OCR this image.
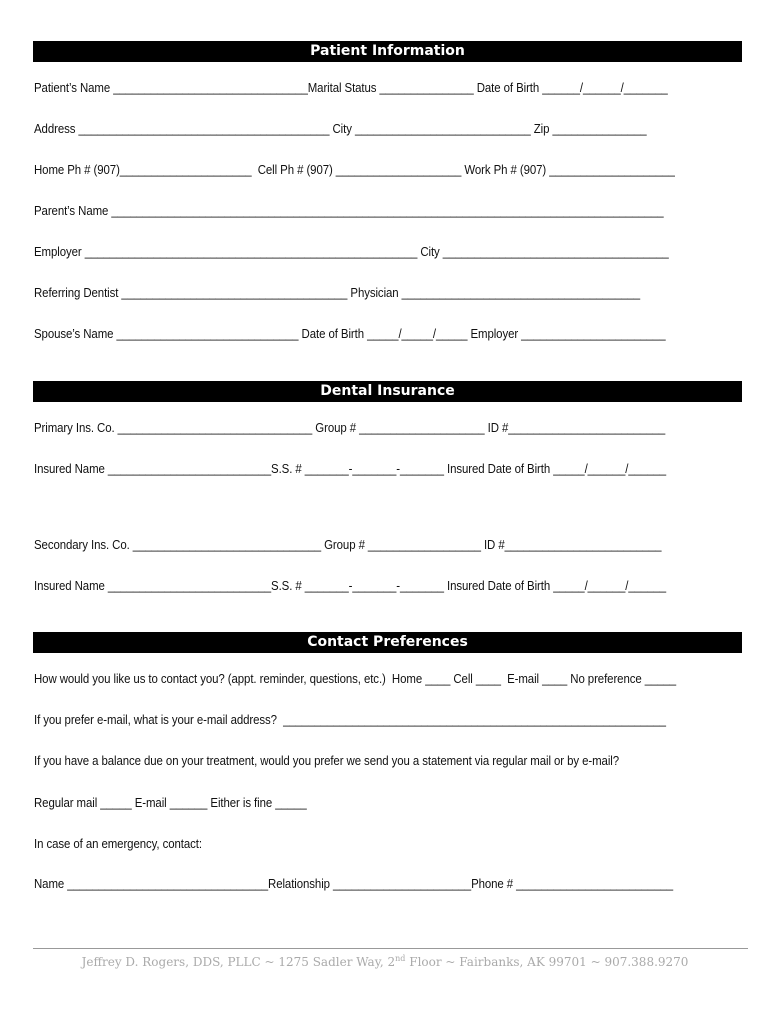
Patient Information
Patient’s Name _______________________________Marital Status _______________ Date of Birth ______/______/_______
Address ________________________________________ City ____________________________ Zip _______________
Home Ph # (907)_____________________  Cell Ph # (907) ____________________ Work Ph # (907) ____________________
Parent’s Name ________________________________________________________________________________________
Employer _____________________________________________________ City ____________________________________
Referring Dentist ____________________________________ Physician ______________________________________
Spouse’s Name _____________________________ Date of Birth _____/_____/_____ Employer _______________________
Dental Insurance
Primary Ins. Co. _______________________________ Group # ____________________ ID #_________________________
Insured Name __________________________S.S. # _______-_______-_______ Insured Date of Birth _____/______/______
Secondary Ins. Co. ______________________________ Group # __________________ ID #_________________________
Insured Name __________________________S.S. # _______-_______-_______ Insured Date of Birth _____/______/______
Contact Preferences
How would you like us to contact you? (appt. reminder, questions, etc.)  Home ____ Cell ____  E-mail ____ No preference _____
If you prefer e-mail, what is your e-mail address?  _____________________________________________________________
If you have a balance due on your treatment, would you prefer we send you a statement via regular mail or by e-mail?
Regular mail _____ E-mail ______ Either is fine _____
In case of an emergency, contact:
Name ________________________________Relationship ______________________Phone # _________________________
Jeffrey D. Rogers, DDS, PLLC ~ 1275 Sadler Way, 2nd Floor ~ Fairbanks, AK 99701 ~ 907.388.9270
